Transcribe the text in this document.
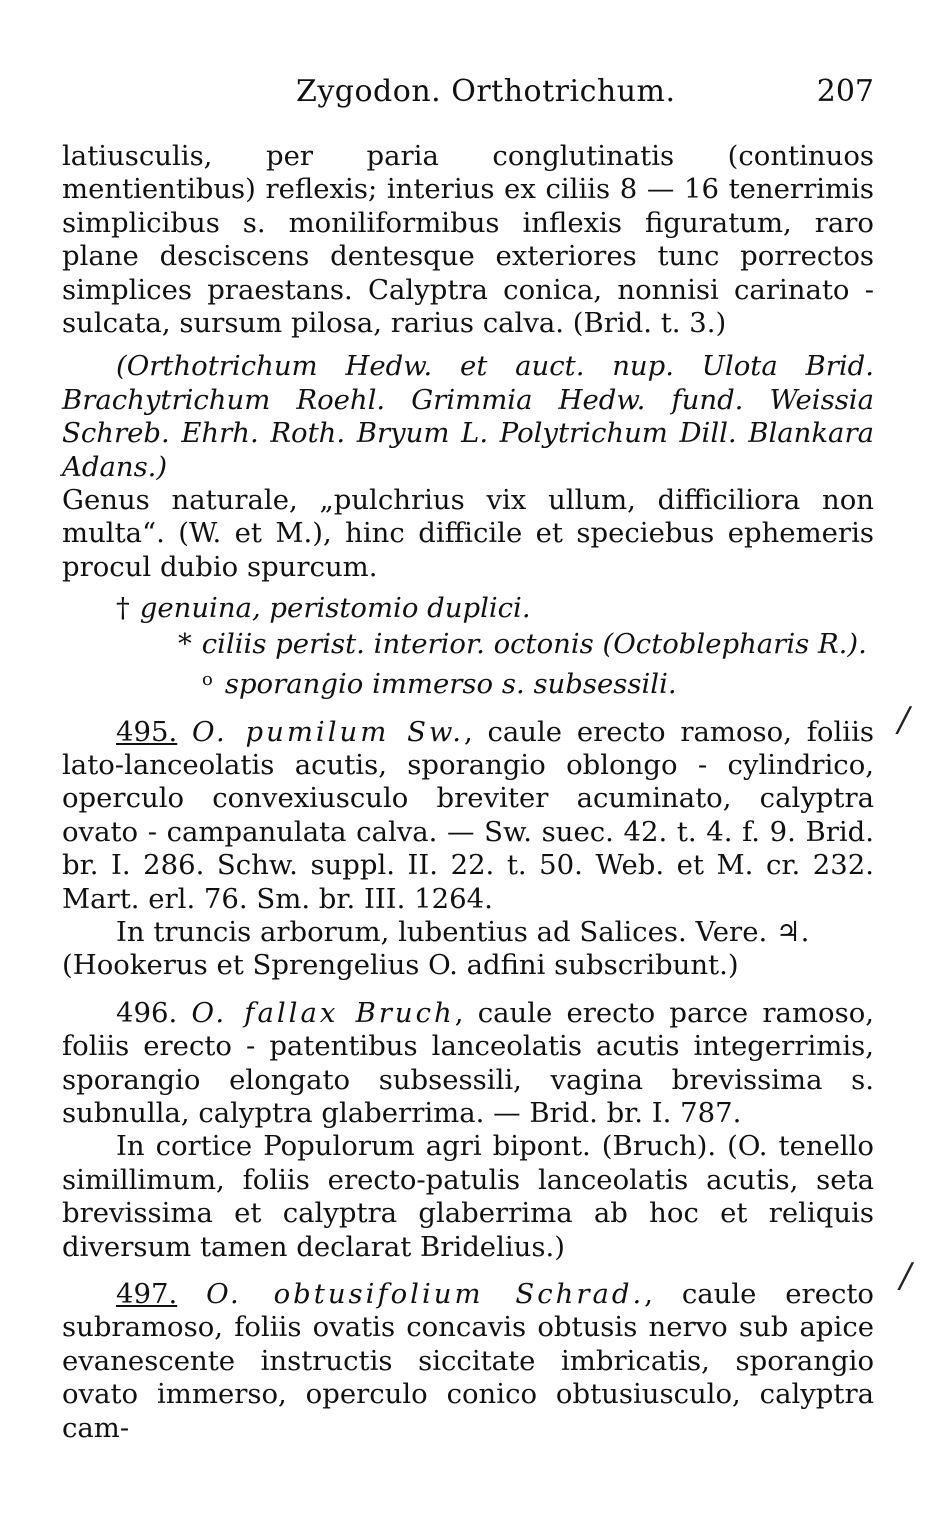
Zygodon. Orthotrichum.	207

latiusculis, per paria conglutinatis (continuos mentientibus) reflexis; interius ex ciliis 8 — 16 tenerrimis simplicibus s. moniliformibus inflexis figuratum, raro plane desciscens dentesque exteriores tunc porrectos simplices praestans. Calyptra conica, nonnisi carinato - sulcata, sursum pilosa, rarius calva. (Brid. t. 3.)

(Orthotrichum Hedw. et auct. nup. Ulota Brid. Brachytrichum Roehl. Grimmia Hedw. fund. Weissia Schreb. Ehrh. Roth. Bryum L. Polytrichum Dill. Blankara Adans.)

Genus naturale, „pulchrius vix ullum, difficiliora non multa“. (W. et M.), hinc difficile et speciebus ephemeris procul dubio spurcum.

† genuina, peristomio duplici.

* ciliis perist. interior. octonis (Octoblepharis R.).

$^o$ sporangio immerso s. subsessili.

495. O. pumilum Sw., caule erecto ramoso, foliis lato-lanceolatis acutis, sporangio oblongo - cylindrico, operculo convexiusculo breviter acuminato, calyptra ovato - campanulata calva. — Sw. suec. 42. t. 4. f. 9. Brid. br. I. 286. Schw. suppl. II. 22. t. 50. Web. et M. cr. 232. Mart. erl. 76. Sm. br. III. 1264.

In truncis arborum, lubentius ad Salices. Vere. ♃.

(Hookerus et Sprengelius O. adfini subscribunt.)

496. O. fallax Bruch, caule erecto parce ramoso, foliis erecto - patentibus lanceolatis acutis integerrimis, sporangio elongato subsessili, vagina brevissima s. subnulla, calyptra glaberrima. — Brid. br. I. 787.

In cortice Populorum agri bipont. (Bruch). (O. tenello simillimum, foliis erecto-patulis lanceolatis acutis, seta brevissima et calyptra glaberrima ab hoc et reliquis diversum tamen declarat Bridelius.)

497. O. obtusifolium Schrad., caule erecto subramoso, foliis ovatis concavis obtusis nervo sub apice evanescente instructis siccitate imbricatis, sporangio ovato immerso, operculo conico obtusiusculo, calyptra cam-

/
/
